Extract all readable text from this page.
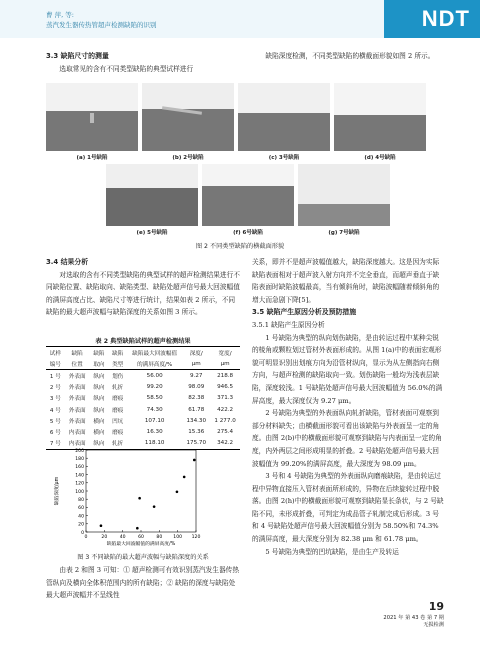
曹 萍, 等:
蒸汽发生器传热管超声检测缺陷的识别	NDT
3.3 缺陷尺寸的测量

选取常见的含有不同类型缺陷的典型试样进行

缺陷深度检测，不同类型缺陷的横截面形貌如图 2 所示。

(a) 1号缺陷	(b) 2号缺陷	(c) 3号缺陷	(d) 4号缺陷
(e) 5号缺陷	(f) 6号缺陷	(g) 7号缺陷
图 2 不同类型缺陷的横截面形貌
3.4 结果分析

对选取的含有不同类型缺陷的典型试样的超声检测结果进行不同缺陷位置、缺陷取向、缺陷类型、缺陷处超声信号最大回波幅值的满屏高度占比、缺陷尺寸等进行统计，结果如表 2 所示，不同缺陷的最大超声波幅与缺陷深度的关系如图 3 所示。

表 2 典型缺陷试样的超声检测结果
试样	缺陷	缺陷	缺陷	缺陷最大回波幅值	深度/	宽度/
编号	位置	取向	类型	的满屏高度/%	μm	μm
1 号	外表面	纵向	划伤	56.00	9.27	218.8
2 号	外表面	纵向	轧折	99.20	98.09	946.5
3 号	外表面	纵向	磨痕	58.50	82.38	371.3
4 号	外表面	纵向	磨痕	74.30	61.78	422.2
5 号	外表面	横向	凹坑	107.10	134.30	1 277.0
6 号	内表面	横向	磨痕	16.30	15.36	275.4
7 号	内表面	纵向	轧折	118.10	175.70	342.2
0
20
40
60
80
100
120
140
160
180
200
0	20	40	60	80 100 120
缺陷最大回波幅值的满屏高度/%
缺陷深度/μm
图 3 不同缺陷的最大超声波幅与缺陷深度的关系

由表 2 和图 3 可知：① 超声检测可有效识别蒸汽发生器传热管纵向及横向全体积范围内的所有缺陷；② 缺陷的深度与缺陷处最大超声波幅并不呈线性

关系，即并不是超声波幅值越大，缺陷深度越大。这是因为实际缺陷表面相对于超声波入射方向并不完全垂直，而超声垂直于缺陷表面时缺陷波幅最高，当有倾斜角时，缺陷波幅随着倾斜角的增大而急剧下降[5]。

3.5 缺陷产生原因分析及预防措施
3.5.1 缺陷产生原因分析

1 号缺陷为典型的纵向划伤缺陷，是由转运过程中某种尖锐的棱角或颗粒划过管材外表面形成的。从图 1(a)中的表面宏观形貌可明显识别出划痕方向为沿管材纵向，显示为从左侧指向右侧方向，与超声检测的缺陷取向一致。划伤缺陷一般均为浅表层缺陷，深度较浅。1 号缺陷处超声信号最大回波幅值为 56.0%的满屏高度，最大深度仅为 9.27 μm。

2 号缺陷为典型的外表面纵向轧折缺陷，管材表面可观察到部分材料缺失；由横截面形貌可看出该缺陷与外表面呈一定的角度。由图 2(b)中的横截面形貌可观察到缺陷与内表面呈一定的角度，内外两层之间形成明显的折叠。2 号缺陷处超声信号最大回波幅值为 99.20%的满屏高度，最大深度为 98.09 μm。

3 号和 4 号缺陷为典型的外表面纵向磨痕缺陷，是由转运过程中异物直接压入管材表面所形成的，异物在后续旋转过程中脱落。由图 2(h)中的横截面形貌可观察到缺陷显长条状，与 2 号缺陷不同，未形成折叠，可判定为成品管子轧制完成后形成。3 号和 4 号缺陷处超声信号最大回波幅值分别为 58.50%和 74.3% 的满屏高度，最大深度分别为 82.38 μm 和 61.78 μm。

5 号缺陷为典型的凹坑缺陷，是由生产及转运

19
2021 年 第 43 卷 第 7 期
无损检测
